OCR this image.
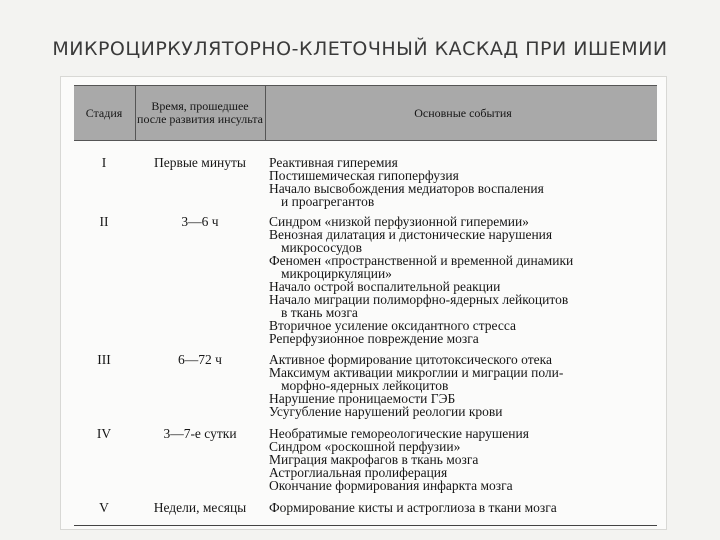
МИКРОЦИРКУЛЯТОРНО-КЛЕТОЧНЫЙ КАСКАД ПРИ ИШЕМИИ
Стадия	Время, прошедшее после развития инсульта	Основные события
I	Первые минуты	Реактивная гиперемия
Постишемическая гипоперфузия
Начало высвобождения медиаторов воспаления
и проагрегантов
II	3—6 ч	Синдром «низкой перфузионной гиперемии»
Венозная дилатация и дистонические нарушения
микрососудов
Феномен «пространственной и временной динамики
микроциркуляции»
Начало острой воспалительной реакции
Начало миграции полиморфно-ядерных лейкоцитов
в ткань мозга
Вторичное усиление оксидантного стресса
Реперфузионное повреждение мозга
III	6—72 ч	Активное формирование цитотоксического отека
Максимум активации микроглии и миграции поли-
морфно-ядерных лейкоцитов
Нарушение проницаемости ГЭБ
Усугубление нарушений реологии крови
IV	3—7-е сутки	Необратимые гемореологические нарушения
Синдром «роскошной перфузии»
Миграция макрофагов в ткань мозга
Астроглиальная пролиферация
Окончание формирования инфаркта мозга
V	Недели, месяцы	Формирование кисты и астроглиоза в ткани мозга
